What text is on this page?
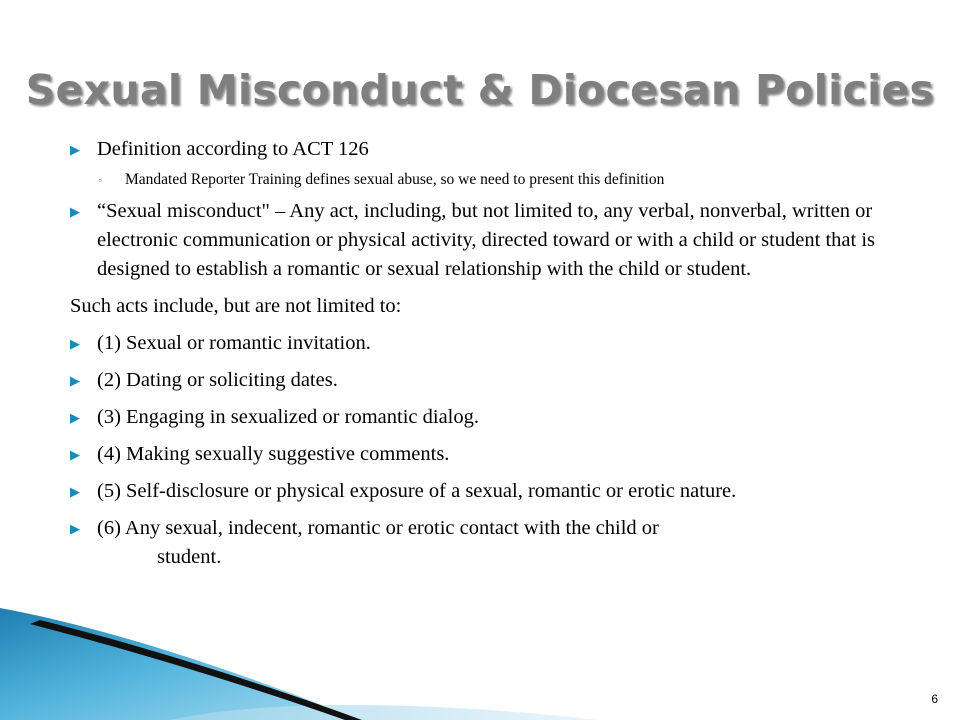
Sexual Misconduct & Diocesan Policies
▶ Definition according to ACT 126
◦ Mandated Reporter Training defines sexual abuse, so we need to present this definition
▶ “Sexual misconduct" – Any act, including, but not limited to, any verbal, nonverbal, written or electronic communication or physical activity, directed toward or with a child or student that is designed to establish a romantic or sexual relationship with the child or student.
Such acts include, but are not limited to:
▶ (1) Sexual or romantic invitation.
▶ (2) Dating or soliciting dates.
▶ (3) Engaging in sexualized or romantic dialog.
▶ (4) Making sexually suggestive comments.
▶ (5) Self-disclosure or physical exposure of a sexual, romantic or erotic nature.
▶ (6) Any sexual, indecent, romantic or erotic contact with the child or
student.
6
